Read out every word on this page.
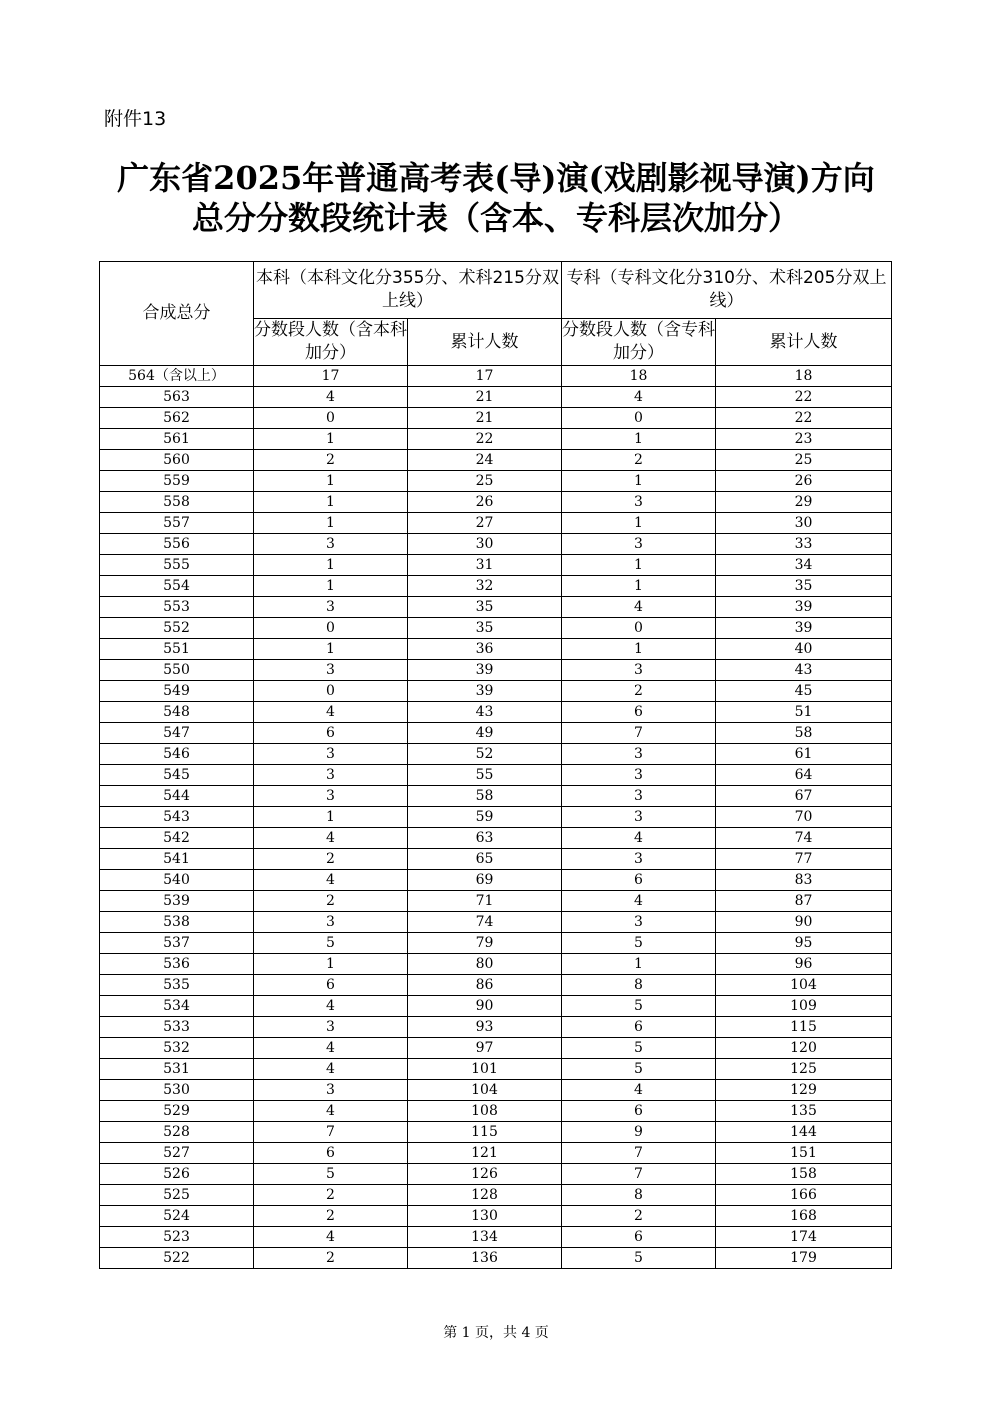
附件13
广东省2025年普通高考表(导)演(戏剧影视导演)方向
总分分数段统计表（含本、专科层次加分）
合成总分	本科（本科文化分355分、术科215分双上线）		专科（专科文化分310分、术科205分双上线）	
	分数段人数（含本科加分）	累计人数	分数段人数（含专科加分）	累计人数
564（含以上）	17	17	18	18
563	4	21	4	22
562	0	21	0	22
561	1	22	1	23
560	2	24	2	25
559	1	25	1	26
558	1	26	3	29
557	1	27	1	30
556	3	30	3	33
555	1	31	1	34
554	1	32	1	35
553	3	35	4	39
552	0	35	0	39
551	1	36	1	40
550	3	39	3	43
549	0	39	2	45
548	4	43	6	51
547	6	49	7	58
546	3	52	3	61
545	3	55	3	64
544	3	58	3	67
543	1	59	3	70
542	4	63	4	74
541	2	65	3	77
540	4	69	6	83
539	2	71	4	87
538	3	74	3	90
537	5	79	5	95
536	1	80	1	96
535	6	86	8	104
534	4	90	5	109
533	3	93	6	115
532	4	97	5	120
531	4	101	5	125
530	3	104	4	129
529	4	108	6	135
528	7	115	9	144
527	6	121	7	151
526	5	126	7	158
525	2	128	8	166
524	2	130	2	168
523	4	134	6	174
522	2	136	5	179
第 1 页，共 4 页
